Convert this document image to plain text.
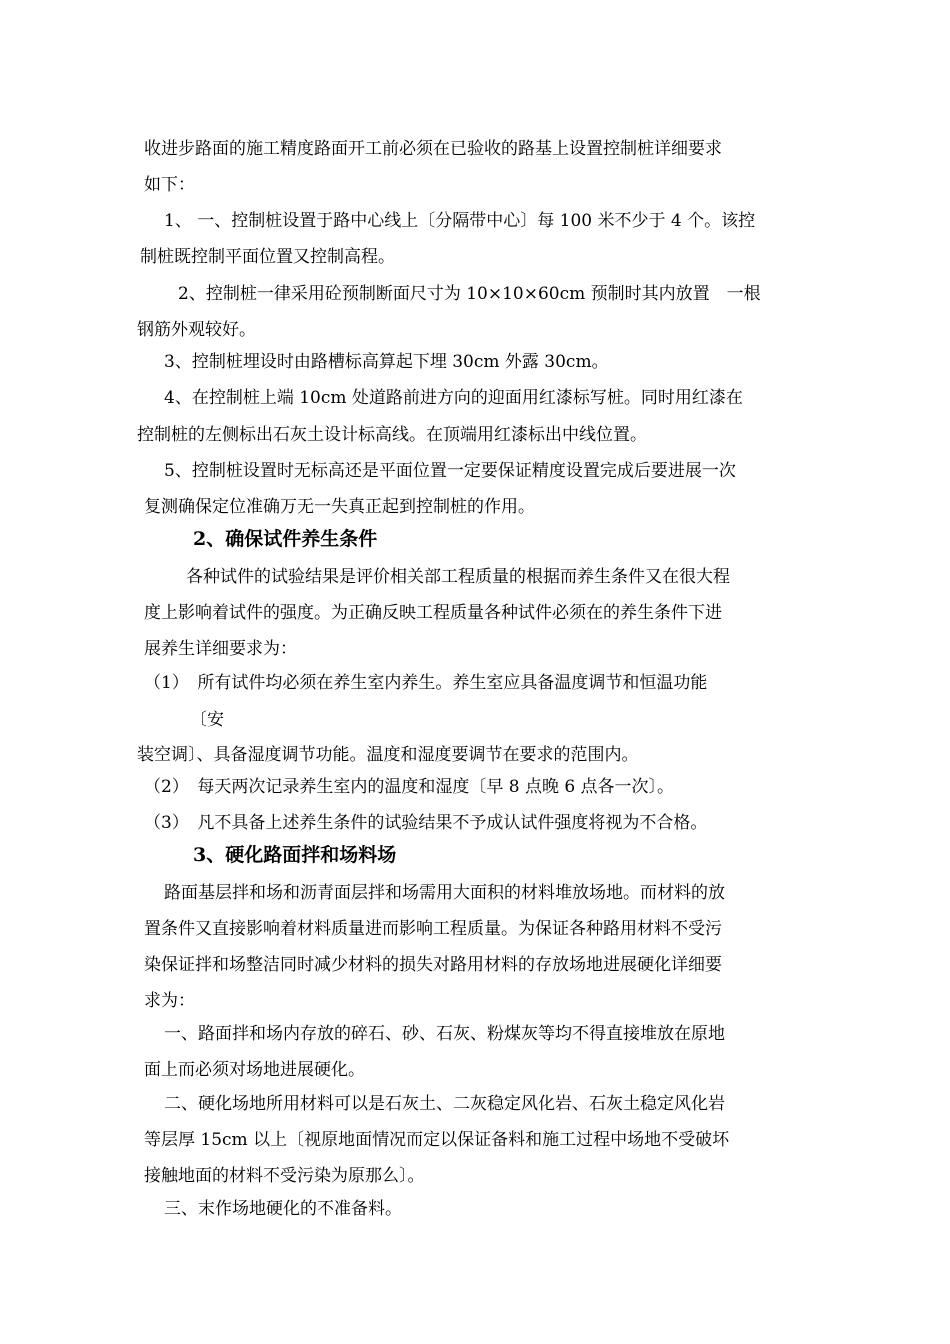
收进步路面的施工精度路面开工前必须在已验收的路基上设置控制桩详细要求

如下：

1、 一、控制桩设置于路中心线上〔分隔带中心〕每 100 米不少于 4 个。该控

制桩既控制平面位置又控制高程。

2、控制桩一律采用砼预制断面尺寸为 10×10×60cm 预制时其内放置　一根

钢筋外观较好。

3、控制桩埋设时由路槽标高算起下埋 30cm 外露 30cm。

4、在控制桩上端 10cm 处道路前进方向的迎面用红漆标写桩。同时用红漆在

控制桩的左侧标出石灰土设计标高线。在顶端用红漆标出中线位置。

5、控制桩设置时无标高还是平面位置一定要保证精度设置完成后要进展一次

复测确保定位准确万无一失真正起到控制桩的作用。

2、确保试件养生条件

各种试件的试验结果是评价相关部工程质量的根据而养生条件又在很大程

度上影响着试件的强度。为正确反映工程质量各种试件必须在的养生条件下进

展养生详细要求为：

（1）　所有试件均必须在养生室内养生。养生室应具备温度调节和恒温功能

〔安

装空调〕、具备湿度调节功能。温度和湿度要调节在要求的范围内。

（2）　每天两次记录养生室内的温度和湿度〔早 8 点晚 6 点各一次〕。

（3）　凡不具备上述养生条件的试验结果不予成认试件强度将视为不合格。

3、硬化路面拌和场料场

路面基层拌和场和沥青面层拌和场需用大面积的材料堆放场地。而材料的放

置条件又直接影响着材料质量进而影响工程质量。为保证各种路用材料不受污

染保证拌和场整洁同时减少材料的损失对路用材料的存放场地进展硬化详细要

求为：

一、路面拌和场内存放的碎石、砂、石灰、粉煤灰等均不得直接堆放在原地

面上而必须对场地进展硬化。

二、硬化场地所用材料可以是石灰土、二灰稳定风化岩、石灰土稳定风化岩

等层厚 15cm 以上〔视原地面情况而定以保证备料和施工过程中场地不受破坏

接触地面的材料不受污染为原那么〕。

三、末作场地硬化的不准备料。
